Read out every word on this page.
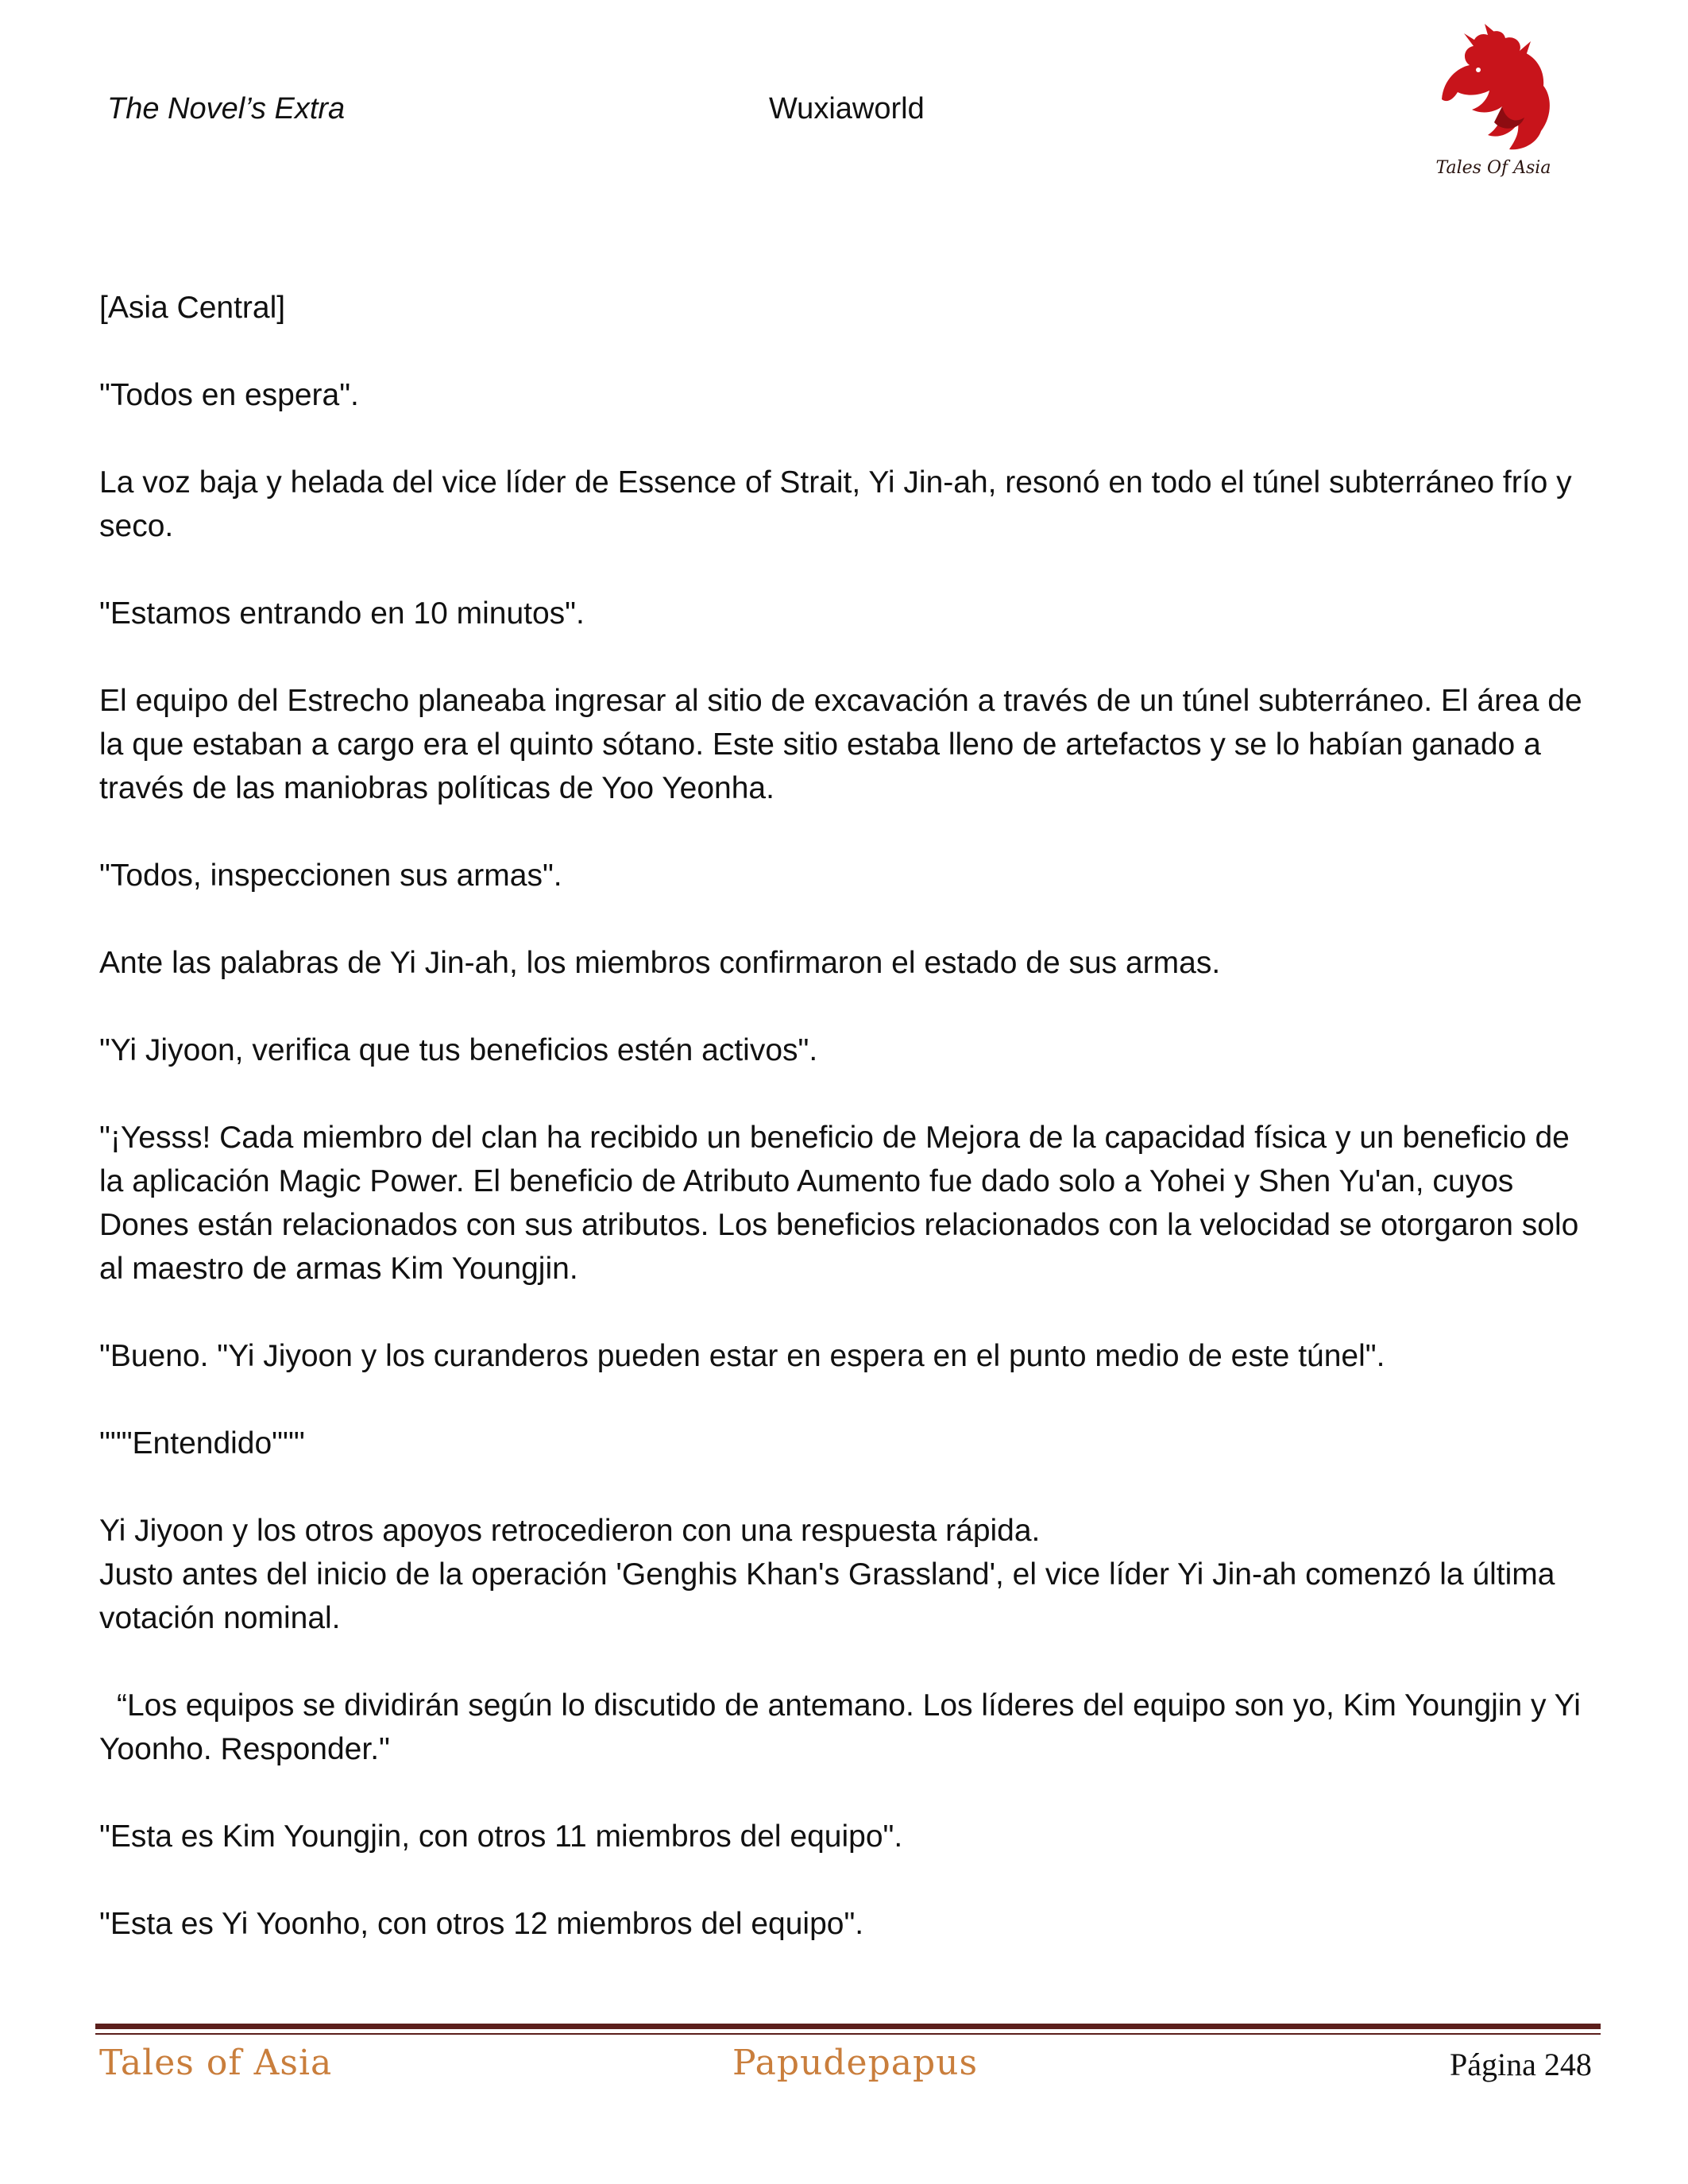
The Novel’s Extra	Wuxiaworld
Tales Of Asia

[Asia Central]

"Todos en espera".

La voz baja y helada del vice líder de Essence of Strait, Yi Jin-ah, resonó en todo el túnel subterráneo frío y seco.

"Estamos entrando en 10 minutos".

El equipo del Estrecho planeaba ingresar al sitio de excavación a través de un túnel subterráneo. El área de la que estaban a cargo era el quinto sótano. Este sitio estaba lleno de artefactos y se lo habían ganado a través de las maniobras políticas de Yoo Yeonha.

"Todos, inspeccionen sus armas".

Ante las palabras de Yi Jin-ah, los miembros confirmaron el estado de sus armas.

"Yi Jiyoon, verifica que tus beneficios estén activos".

"¡Yesss! Cada miembro del clan ha recibido un beneficio de Mejora de la capacidad física y un beneficio de la aplicación Magic Power. El beneficio de Atributo Aumento fue dado solo a Yohei y Shen Yu'an, cuyos Dones están relacionados con sus atributos. Los beneficios relacionados con la velocidad se otorgaron solo al maestro de armas Kim Youngjin.

"Bueno. "Yi Jiyoon y los curanderos pueden estar en espera en el punto medio de este túnel".

"""Entendido"""

Yi Jiyoon y los otros apoyos retrocedieron con una respuesta rápida.

Justo antes del inicio de la operación 'Genghis Khan's Grassland', el vice líder Yi Jin-ah comenzó la última votación nominal.

“Los equipos se dividirán según lo discutido de antemano. Los líderes del equipo son yo, Kim Youngjin y Yi Yoonho. Responder."

"Esta es Kim Youngjin, con otros 11 miembros del equipo".

"Esta es Yi Yoonho, con otros 12 miembros del equipo".

Tales of Asia	Papudepapus	Página 248
